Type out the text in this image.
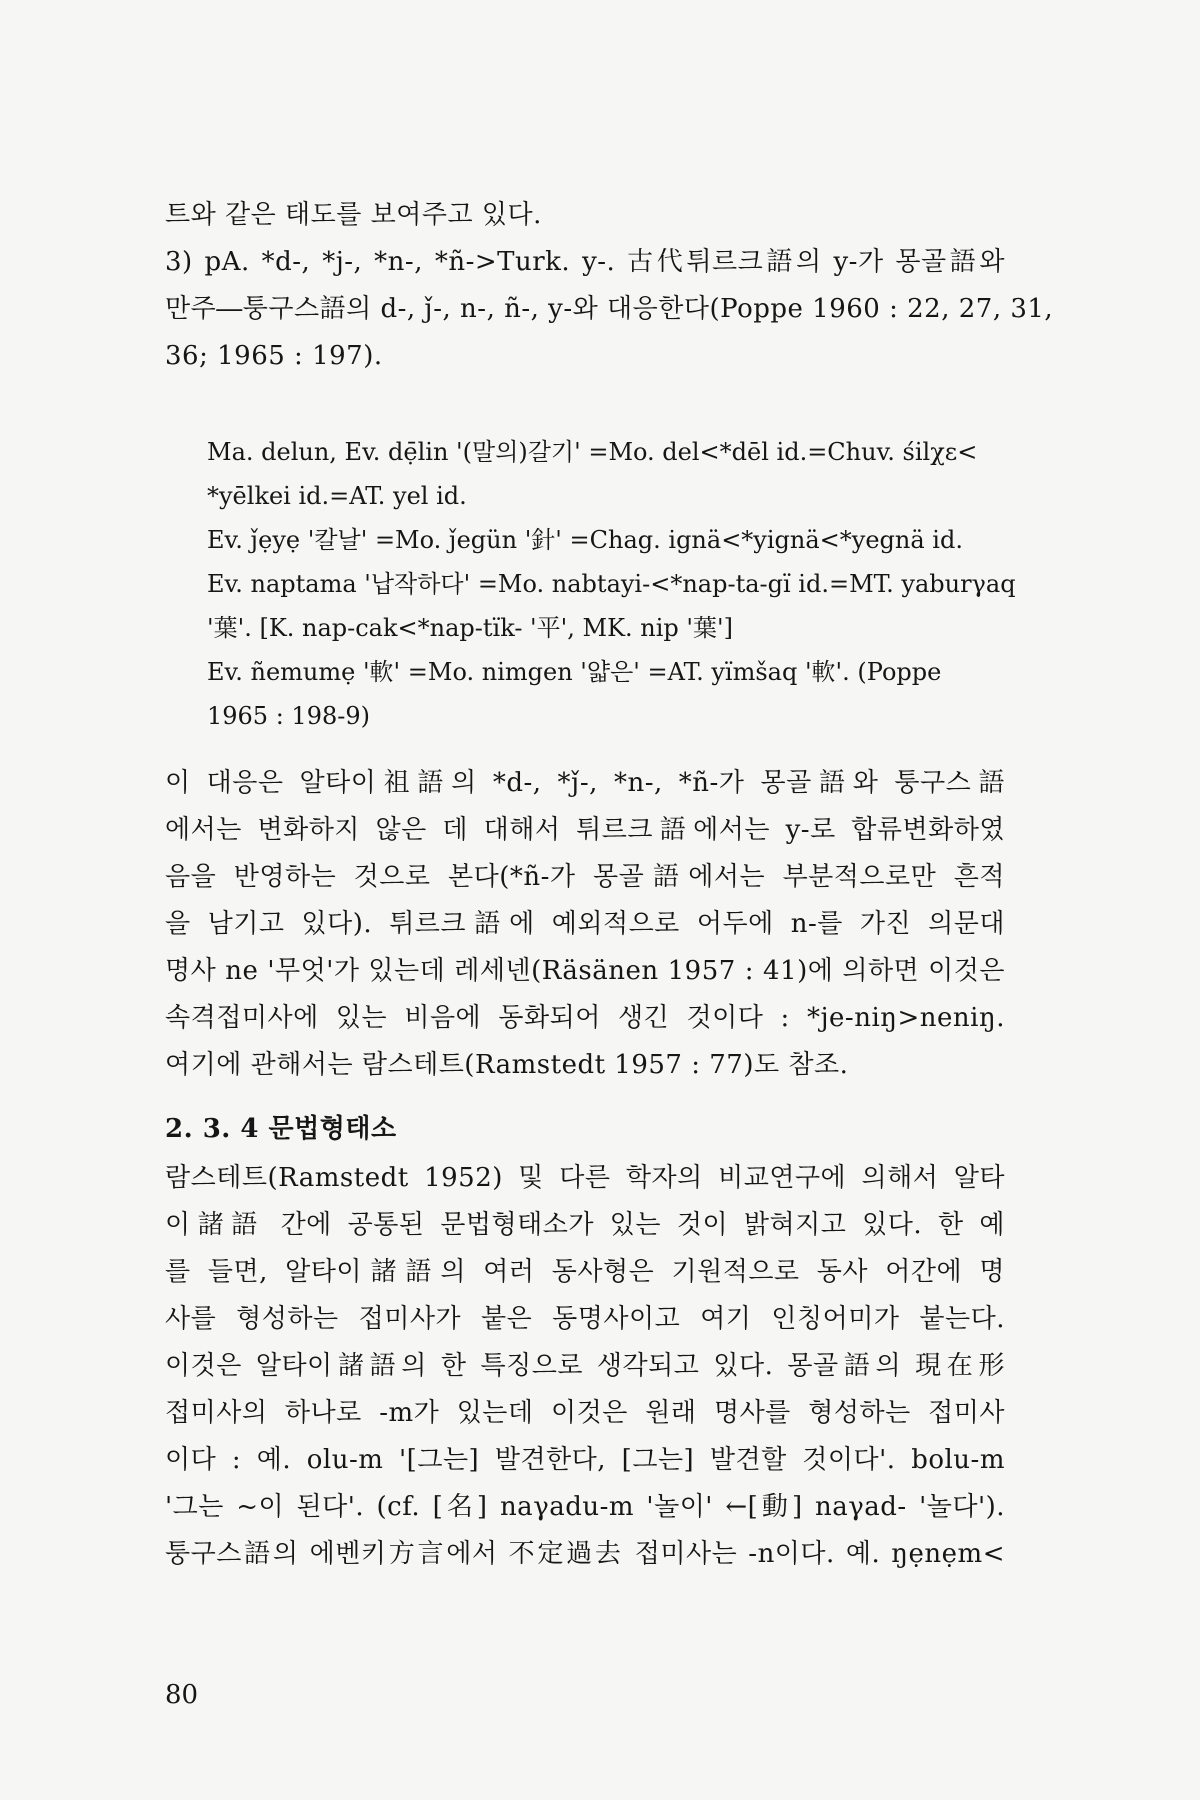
트와 같은 태도를 보여주고 있다.
3) pA. *d-, *j-, *n-, *ñ->Turk. y-. 古代튀르크語의 y-가 몽골語와
만주―퉁구스語의 d-, ǰ-, n-, ñ-, y-와 대응한다(Poppe 1960 : 22, 27, 31,
36; 1965 : 197).
Ma. delun, Ev. dẹ̄lin '(말의)갈기' =Mo. del<*dēl id.=Chuv. śilχε<
*yēlkei id.=AT. yel id.
Ev. ǰẹyẹ '칼날' =Mo. ǰegün '針' =Chag. ignä<*yignä<*yegnä id.
Ev. naptama '납작하다' =Mo. nabtayi-<*nap-ta-gï id.=MT. yaburγaq
'葉'. [K. nap-cak<*nap-tïk- '平', MK. nip '葉']
Ev. ñemumẹ '軟' =Mo. nimgen '얇은' =AT. yïmšaq '軟'. (Poppe
1965 : 198-9)
이 대응은 알타이祖語의 *d-, *ǰ-, *n-, *ñ-가 몽골語와 퉁구스語
에서는 변화하지 않은 데 대해서 튀르크語에서는 y-로 합류변화하였
음을 반영하는 것으로 본다(*ñ-가 몽골語에서는 부분적으로만 흔적
을 남기고 있다). 튀르크語에 예외적으로 어두에 n-를 가진 의문대
명사 ne '무엇'가 있는데 레세넨(Räsänen 1957 : 41)에 의하면 이것은
속격접미사에 있는 비음에 동화되어 생긴 것이다 : *je-niŋ>neniŋ.
여기에 관해서는 람스테트(Ramstedt 1957 : 77)도 참조.
2. 3. 4 문법형태소
람스테트(Ramstedt 1952) 및 다른 학자의 비교연구에 의해서 알타
이諸語 간에 공통된 문법형태소가 있는 것이 밝혀지고 있다. 한 예
를 들면, 알타이諸語의 여러 동사형은 기원적으로 동사 어간에 명
사를 형성하는 접미사가 붙은 동명사이고 여기 인칭어미가 붙는다.
이것은 알타이諸語의 한 특징으로 생각되고 있다. 몽골語의 現在形
접미사의 하나로 -m가 있는데 이것은 원래 명사를 형성하는 접미사
이다 : 예. olu-m '[그는] 발견한다, [그는] 발견할 것이다'. bolu-m
'그는 ~이 된다'. (cf. [名] naγadu-m '놀이' ←[動] naγad- '놀다').
퉁구스語의 에벤키方言에서 不定過去 접미사는 -n이다. 예. ŋẹnẹm<
80
